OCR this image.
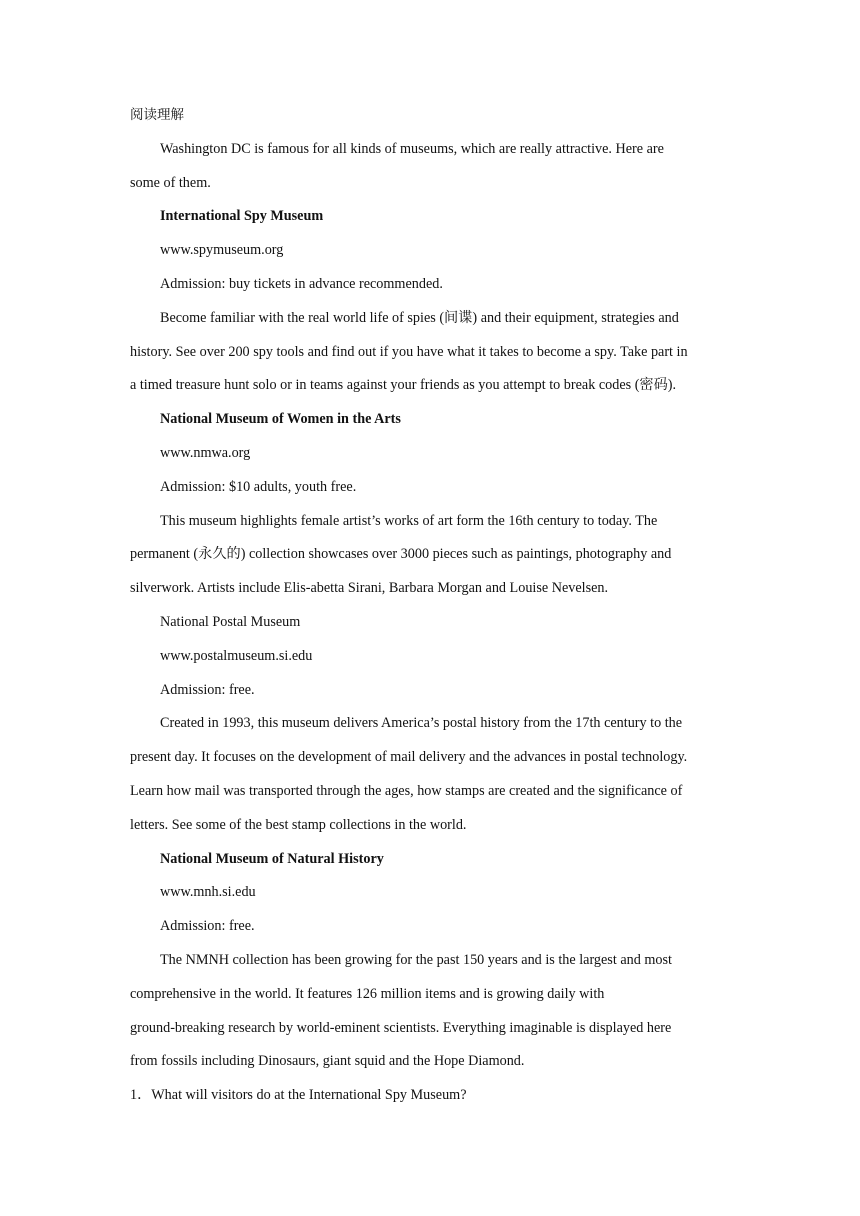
阅读理解
Washington DC is famous for all kinds of museums, which are really attractive. Here are
some of them.
International Spy Museum
www.spymuseum.org
Admission: buy tickets in advance recommended.
Become familiar with the real world life of spies (间谍) and their equipment, strategies and
history. See over 200 spy tools and find out if you have what it takes to become a spy. Take part in
a timed treasure hunt solo or in teams against your friends as you attempt to break codes (密码).
National Museum of Women in the Arts
www.nmwa.org
Admission: $10 adults, youth free.
This museum highlights female artist’s works of art form the 16th century to today. The
permanent (永久的) collection showcases over 3000 pieces such as paintings, photography and
silverwork. Artists include Elis-abetta Sirani, Barbara Morgan and Louise Nevelsen.
National Postal Museum
www.postalmuseum.si.edu
Admission: free.
Created in 1993, this museum delivers America’s postal history from the 17th century to the
present day. It focuses on the development of mail delivery and the advances in postal technology.
Learn how mail was transported through the ages, how stamps are created and the significance of
letters. See some of the best stamp collections in the world.
National Museum of Natural History
www.mnh.si.edu
Admission: free.
The NMNH collection has been growing for the past 150 years and is the largest and most
comprehensive in the world. It features 126 million items and is growing daily with
ground-breaking research by world-eminent scientists. Everything imaginable is displayed here
from fossils including Dinosaurs, giant squid and the Hope Diamond.
1．What will visitors do at the International Spy Museum?
